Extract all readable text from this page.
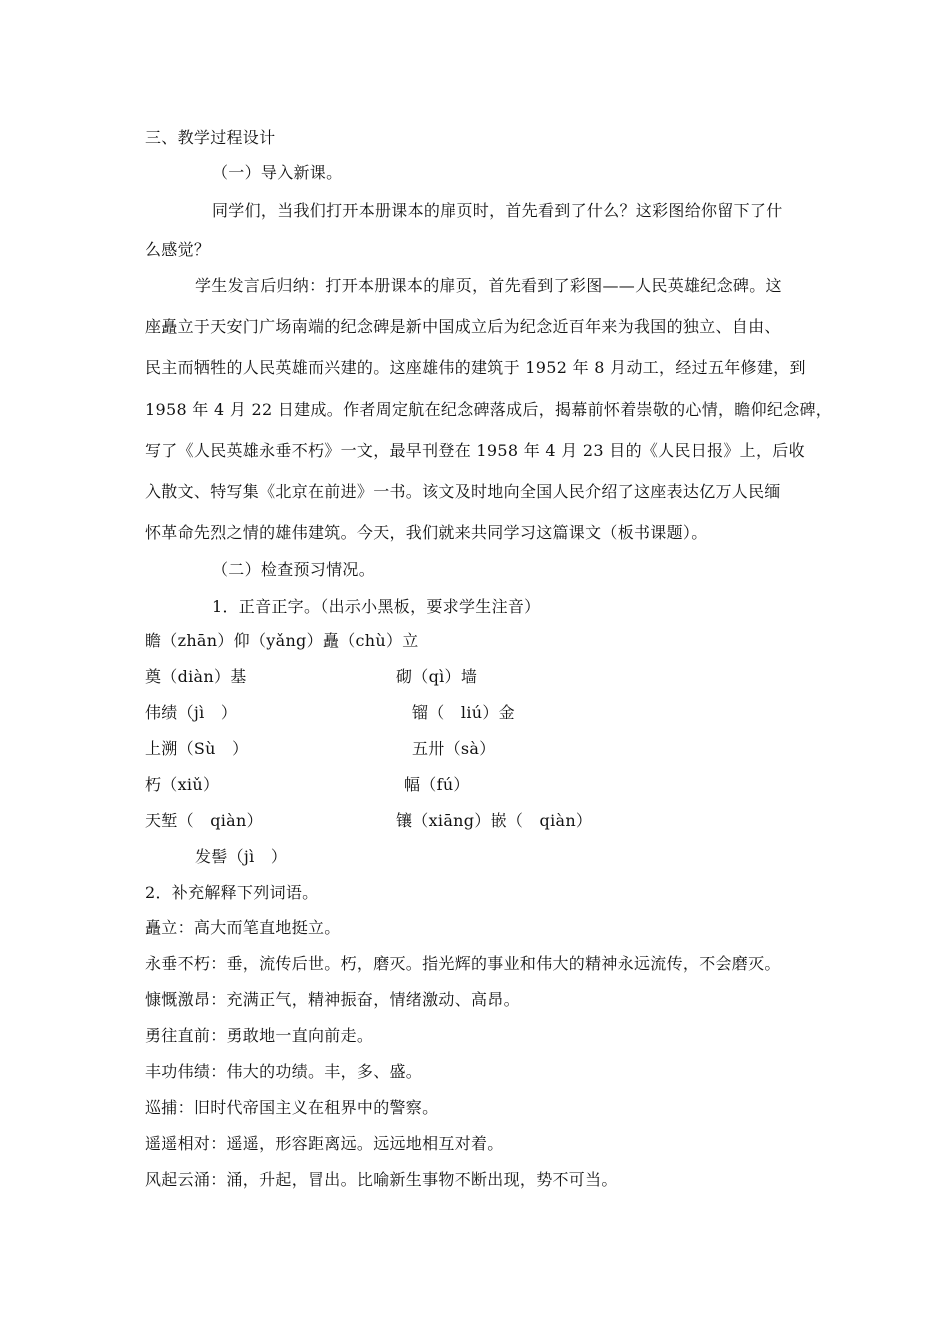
三、教学过程设计
（一）导入新课。
同学们，当我们打开本册课本的扉页时，首先看到了什么？这彩图给你留下了什
么感觉？
学生发言后归纳：打开本册课本的扉页，首先看到了彩图——人民英雄纪念碑。这
座矗立于天安门广场南端的纪念碑是新中国成立后为纪念近百年来为我国的独立、自由、
民主而牺牲的人民英雄而兴建的。这座雄伟的建筑于 1952 年 8 月动工，经过五年修建，到
1958 年 4 月 22 日建成。作者周定航在纪念碑落成后，揭幕前怀着崇敬的心情，瞻仰纪念碑，
写了《人民英雄永垂不朽》一文，最早刊登在 1958 年 4 月 23 目的《人民日报》上，后收
入散文、特写集《北京在前进》一书。该文及时地向全国人民介绍了这座表达亿万人民缅
怀革命先烈之情的雄伟建筑。今天，我们就来共同学习这篇课文（板书课题）。
（二）检查预习情况。
1．正音正字。（出示小黑板，要求学生注音）
瞻（zhān）仰（yǎng）矗（chù）立
奠（diàn）基	砌（qì）墙
伟绩（jì　）	镏（　liú）金
上溯（Sù　）	五卅（sà）
朽（xiǔ）	幅（fú）
天堑（　qiàn）	镶（xiāng）嵌（　qiàn）
发髻（jì　）
2．补充解释下列词语。
矗立：高大而笔直地挺立。
永垂不朽：垂，流传后世。朽，磨灭。指光辉的事业和伟大的精神永远流传，不会磨灭。
慷慨激昂：充满正气，精神振奋，情绪激动、高昂。
勇往直前：勇敢地一直向前走。
丰功伟绩：伟大的功绩。丰，多、盛。
巡捕：旧时代帝国主义在租界中的警察。
遥遥相对：遥遥，形容距离远。远远地相互对着。
风起云涌：涌，升起，冒出。比喻新生事物不断出现，势不可当。
